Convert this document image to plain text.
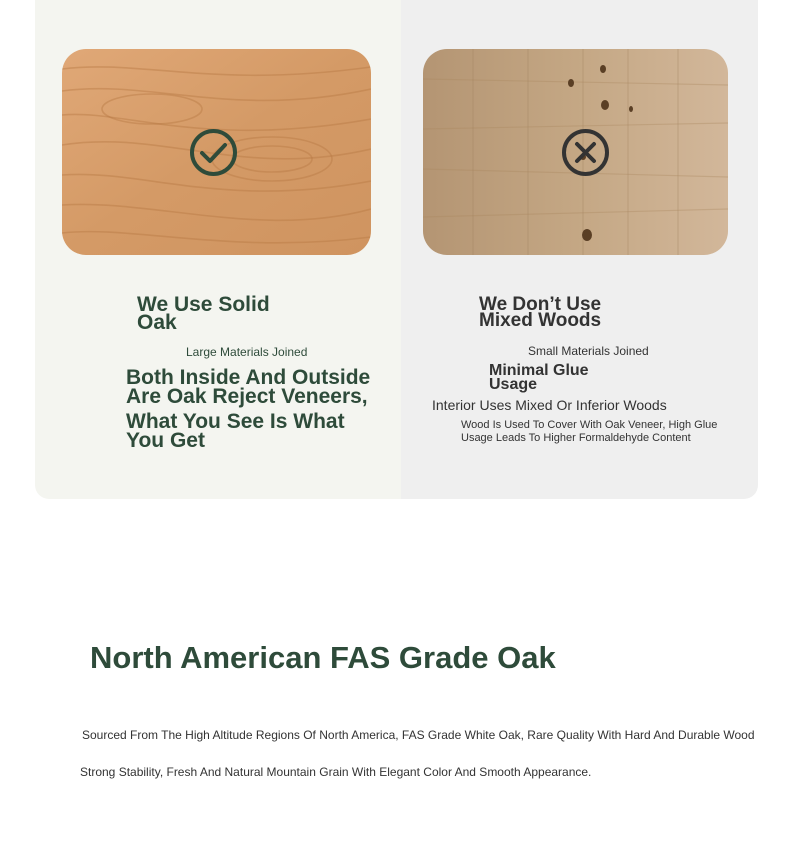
We Use Solid Oak

Large Materials Joined

Both Inside And Outside Are Oak Reject Veneers,
What You See Is What You Get

We Don’t Use Mixed Woods

Small Materials Joined

Minimal Glue Usage

Interior Uses Mixed Or Inferior Woods

Wood Is Used To Cover With Oak Veneer, High Glue Usage Leads To Higher Formaldehyde Content

North American FAS Grade Oak

Sourced From The High Altitude Regions Of North America, FAS Grade White Oak, Rare Quality With Hard And Durable Wood

Strong Stability, Fresh And Natural Mountain Grain With Elegant Color And Smooth Appearance.
